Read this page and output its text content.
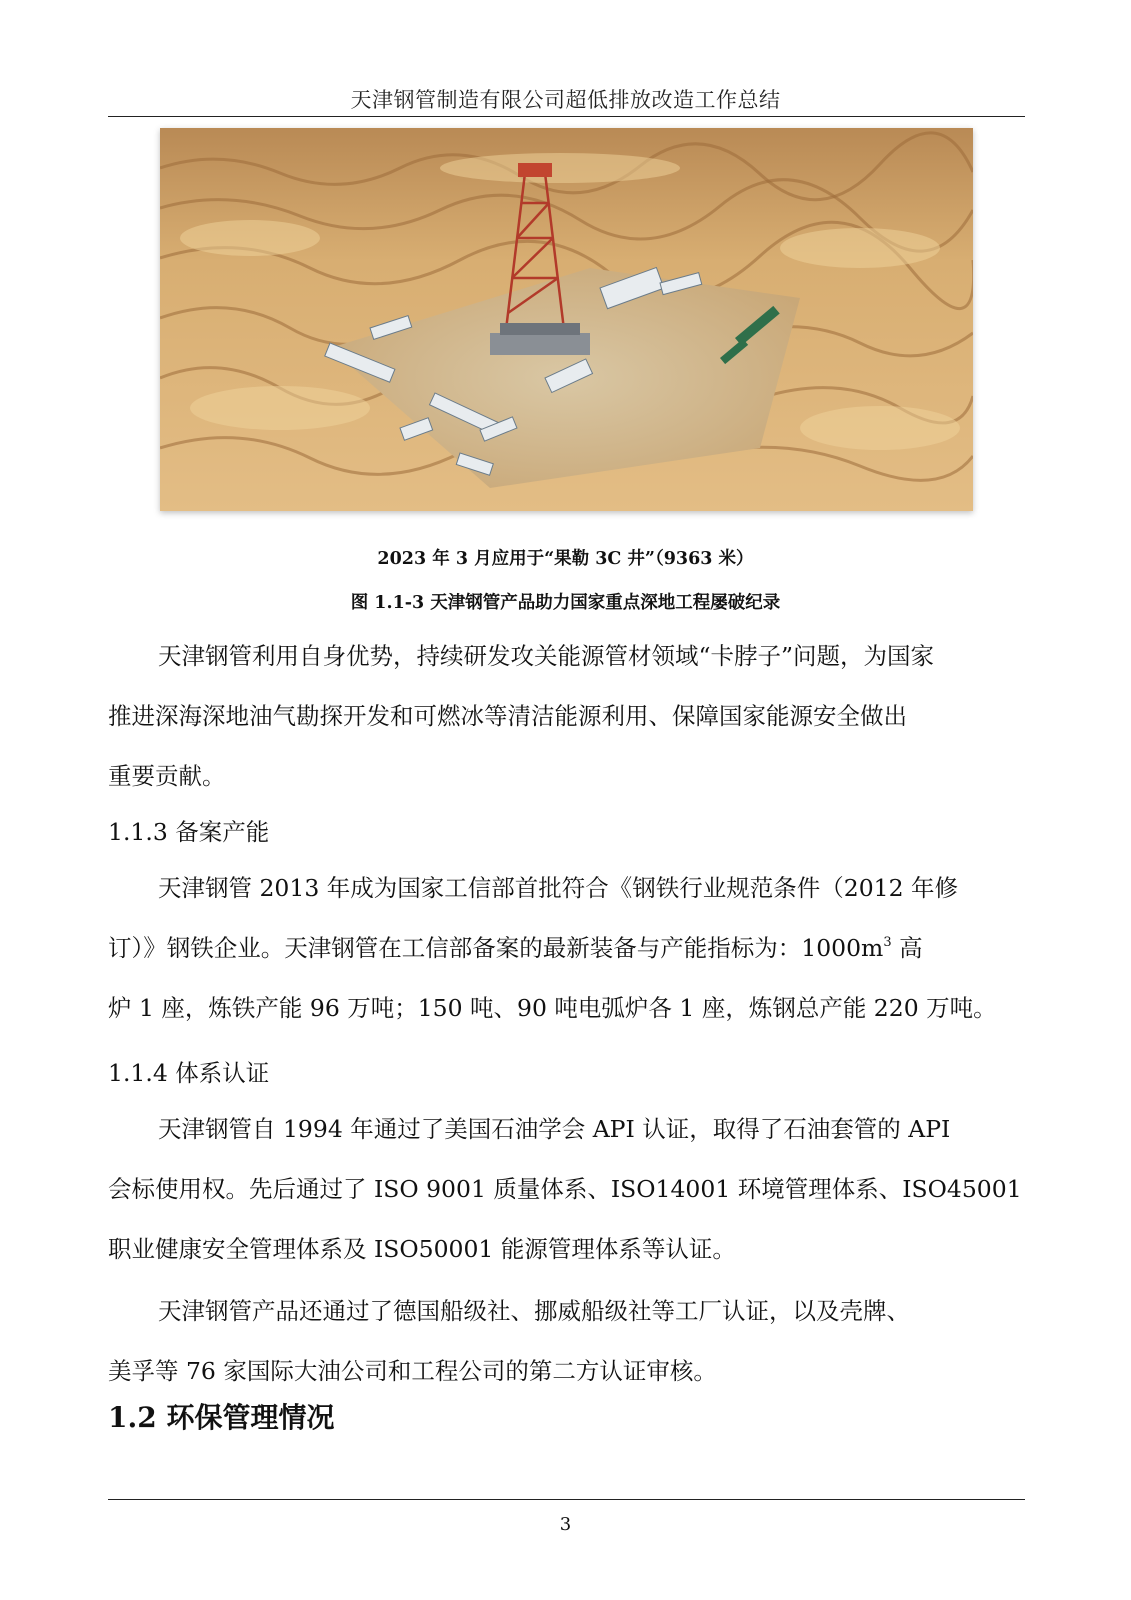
天津钢管制造有限公司超低排放改造工作总结
2023 年 3 月应用于“果勒 3C 井”（9363 米）
图 1.1-3 天津钢管产品助力国家重点深地工程屡破纪录
天津钢管利用自身优势，持续研发攻关能源管材领域“卡脖子”问题，为国家
推进深海深地油气勘探开发和可燃冰等清洁能源利用、保障国家能源安全做出
重要贡献。
1.1.3 备案产能
天津钢管 2013 年成为国家工信部首批符合《钢铁行业规范条件（2012 年修
订）》钢铁企业。天津钢管在工信部备案的最新装备与产能指标为：$1000m^3$ 高
炉 1 座，炼铁产能 96 万吨；150 吨、90 吨电弧炉各 1 座，炼钢总产能 220 万吨。
1.1.4 体系认证
天津钢管自 1994 年通过了美国石油学会 API 认证，取得了石油套管的 API
会标使用权。先后通过了 ISO 9001 质量体系、ISO14001 环境管理体系、ISO45001
职业健康安全管理体系及 ISO50001 能源管理体系等认证。
天津钢管产品还通过了德国船级社、挪威船级社等工厂认证，以及壳牌、
美孚等 76 家国际大油公司和工程公司的第二方认证审核。
1.2 环保管理情况
3
